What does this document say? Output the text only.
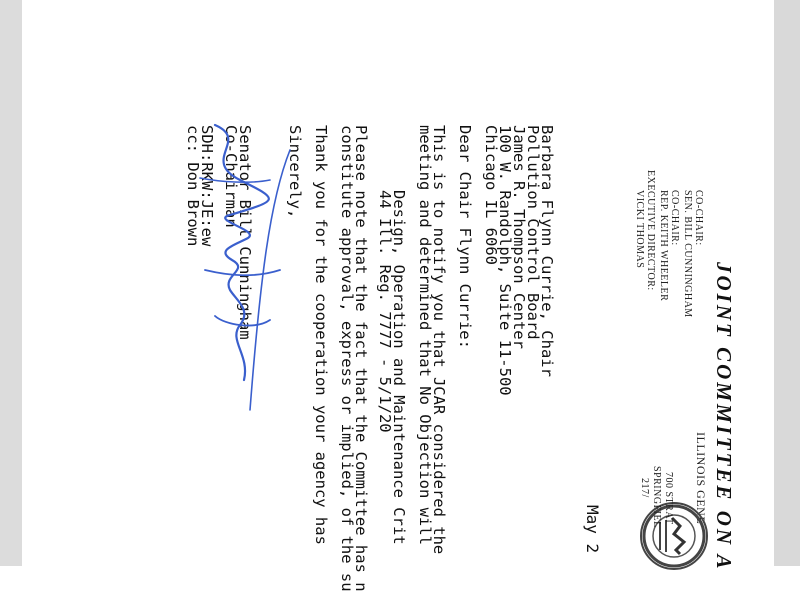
JOINT COMMITTEE ON A
ILLINOIS GENE
700 STRAT
SPRINGFIEL
217/
CO-CHAIR:
SEN. BILL CUNNINGHAM
CO-CHAIR:
REP. KEITH WHEELER
EXECUTIVE DIRECTOR:
VICKI THOMAS
May 2
Barbara Flynn Currie, Chair
Pollution Control Board
James R. Thompson Center
100 W. Randolph, Suite 11-500
Chicago IL 6060
Dear Chair Flynn Currie:
This is to notify you that JCAR considered the
meeting and determined that No Objection will
Design, Operation and Maintenance Crit
44 Ill. Reg. 7777 - 5/1/20
Please note that the fact that the Committee has n
constitute approval, express or implied, of the su
Thank you for the cooperation your agency has
Sincerely,
Senator Bill Cunningham
Co-Chairman
SDH:RKW:JE:ew
cc: Don Brown
